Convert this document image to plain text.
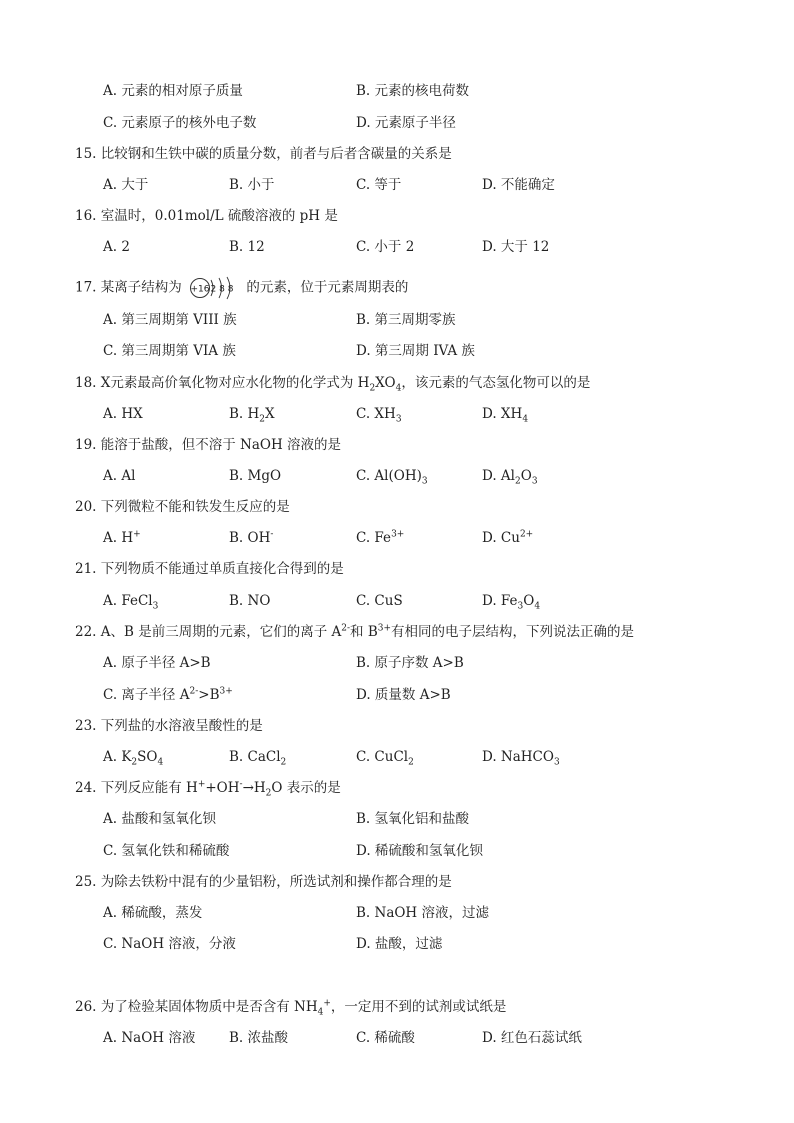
A. 元素的相对原子质量	B. 元素的核电荷数
C. 元素原子的核外电子数	D. 元素原子半径
15. 比较钢和生铁中碳的质量分数，前者与后者含碳量的关系是
A. 大于	B. 小于	C. 等于	D. 不能确定
16. 室温时，0.01mol/L 硫酸溶液的 pH 是
A. 2	B. 12	C. 小于 2	D. 大于 12
17. 某离子结构为 +16 2 8 8 的元素，位于元素周期表的
A. 第三周期第 VIII 族	B. 第三周期零族
C. 第三周期第 VIA 族	D. 第三周期 IVA 族
18. X元素最高价氧化物对应水化物的化学式为 $H_2XO_4$，该元素的气态氢化物可以的是
A. HX	B. $H_2X$	C. $XH_3$	D. $XH_4$
19. 能溶于盐酸，但不溶于 NaOH 溶液的是
A. Al	B. MgO	C. $Al(OH)_3$	D. $Al_2O_3$
20. 下列微粒不能和铁发生反应的是
A. H+	B. OH-	C. $Fe^{3+}$	D. $Cu^{2+}$
21. 下列物质不能通过单质直接化合得到的是
A. FeCl$_3$	B. NO	C. CuS	D. $Fe_3O_4$
22. A、B 是前三周期的元素，它们的离子 $A^{2-}$和 $B^{3+}$有相同的电子层结构，下列说法正确的是
A. 原子半径 A>B	B. 原子序数 A>B
C. 离子半径 $A^{2-}>B^{3+}$	D. 质量数 A>B
23. 下列盐的水溶液呈酸性的是
A. $K_2SO_4$	B. CaCl$_2$	C. CuCl$_2$	D. NaHCO$_3$
24. 下列反应能有 $H^++OH^-\to H_2O$ 表示的是
A. 盐酸和氢氧化钡	B. 氢氧化铝和盐酸
C. 氢氧化铁和稀硫酸	D. 稀硫酸和氢氧化钡
25. 为除去铁粉中混有的少量铝粉，所选试剂和操作都合理的是
A. 稀硫酸，蒸发	B. NaOH 溶液，过滤
C. NaOH 溶液，分液	D. 盐酸，过滤
26. 为了检验某固体物质中是否含有 $NH_4^+$，一定用不到的试剂或试纸是
A. NaOH 溶液 B. 浓盐酸	C. 稀硫酸	D. 红色石蕊试纸
